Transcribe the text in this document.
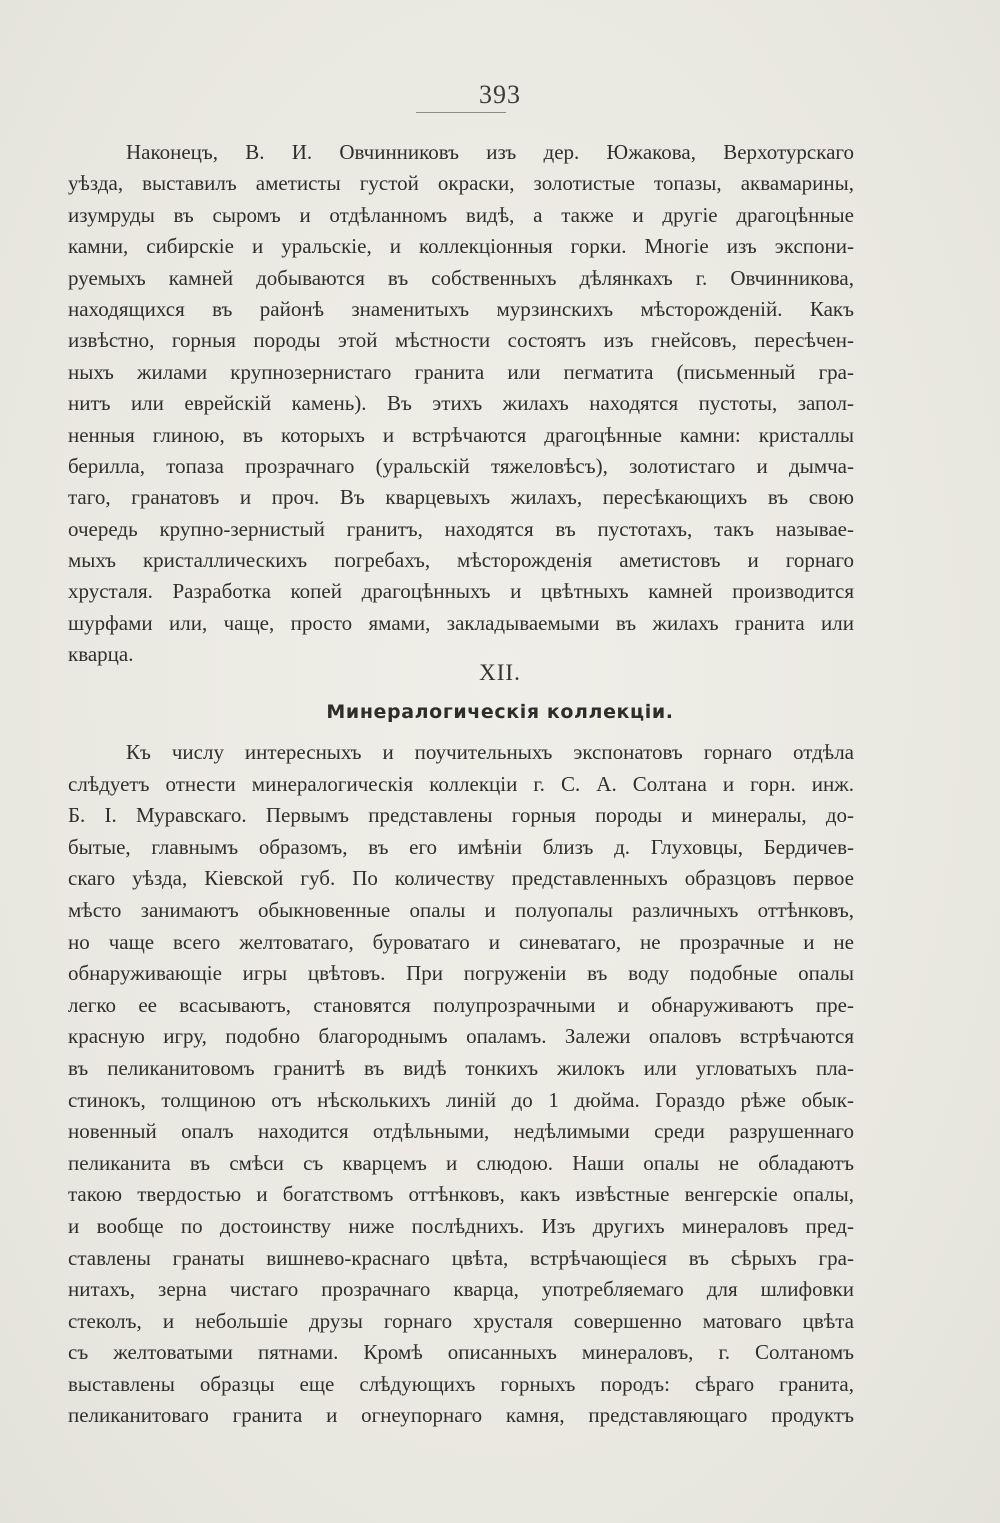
393
Наконецъ, В. И. Овчинниковъ изъ дер. Южакова, Верхотурскаго
уѣзда, выставилъ аметисты густой окраски, золотистые топазы, аквамарины,
изумруды въ сыромъ и отдѣланномъ видѣ, а также и другіе драгоцѣнные
камни, сибирскіе и уральскіе, и коллекціонныя горки. Многіе изъ экспони-
руемыхъ камней добываются въ собственныхъ дѣлянкахъ г. Овчинникова,
находящихся въ районѣ знаменитыхъ мурзинскихъ мѣсторожденій. Какъ
извѣстно, горныя породы этой мѣстности состоятъ изъ гнейсовъ, пересѣчен-
ныхъ жилами крупнозернистаго гранита или пегматита (письменный гра-
нитъ или еврейскій камень). Въ этихъ жилахъ находятся пустоты, запол-
ненныя глиною, въ которыхъ и встрѣчаются драгоцѣнные камни: кристаллы
берилла, топаза прозрачнаго (уральскій тяжеловѣсъ), золотистаго и дымча-
таго, гранатовъ и проч. Въ кварцевыхъ жилахъ, пересѣкающихъ въ свою
очередь крупно-зернистый гранитъ, находятся въ пустотахъ, такъ называе-
мыхъ кристаллическихъ погребахъ, мѣсторожденія аметистовъ и горнаго
хрусталя. Разработка копей драгоцѣнныхъ и цвѣтныхъ камней производится
шурфами или, чаще, просто ямами, закладываемыми въ жилахъ гранита или
кварца.
XII.
Минералогическія коллекціи.
Къ числу интересныхъ и поучительныхъ экспонатовъ горнаго отдѣла
слѣдуетъ отнести минералогическія коллекціи г. С. А. Солтана и горн. инж.
Б. І. Муравскаго. Первымъ представлены горныя породы и минералы, до-
бытые, главнымъ образомъ, въ его имѣніи близъ д. Глуховцы, Бердичев-
скаго уѣзда, Кіевской губ. По количеству представленныхъ образцовъ первое
мѣсто занимаютъ обыкновенные опалы и полуопалы различныхъ оттѣнковъ,
но чаще всего желтоватаго, буроватаго и синеватаго, не прозрачные и не
обнаруживающіе игры цвѣтовъ. При погруженіи въ воду подобные опалы
легко ее всасываютъ, становятся полупрозрачными и обнаруживаютъ пре-
красную игру, подобно благороднымъ опаламъ. Залежи опаловъ встрѣчаются
въ пеликанитовомъ гранитѣ въ видѣ тонкихъ жилокъ или угловатыхъ пла-
стинокъ, толщиною отъ нѣсколькихъ линій до 1 дюйма. Гораздо рѣже обык-
новенный опалъ находится отдѣльными, недѣлимыми среди разрушеннаго
пеликанита въ смѣси съ кварцемъ и слюдою. Наши опалы не обладаютъ
такою твердостью и богатствомъ оттѣнковъ, какъ извѣстные венгерскіе опалы,
и вообще по достоинству ниже послѣднихъ. Изъ другихъ минераловъ пред-
ставлены гранаты вишнево-краснаго цвѣта, встрѣчающіеся въ сѣрыхъ гра-
нитахъ, зерна чистаго прозрачнаго кварца, употребляемаго для шлифовки
стеколъ, и небольшіе друзы горнаго хрусталя совершенно матоваго цвѣта
съ желтоватыми пятнами. Кромѣ описанныхъ минераловъ, г. Солтаномъ
выставлены образцы еще слѣдующихъ горныхъ породъ: сѣраго гранита,
пеликанитоваго гранита и огнеупорнаго камня, представляющаго продуктъ
